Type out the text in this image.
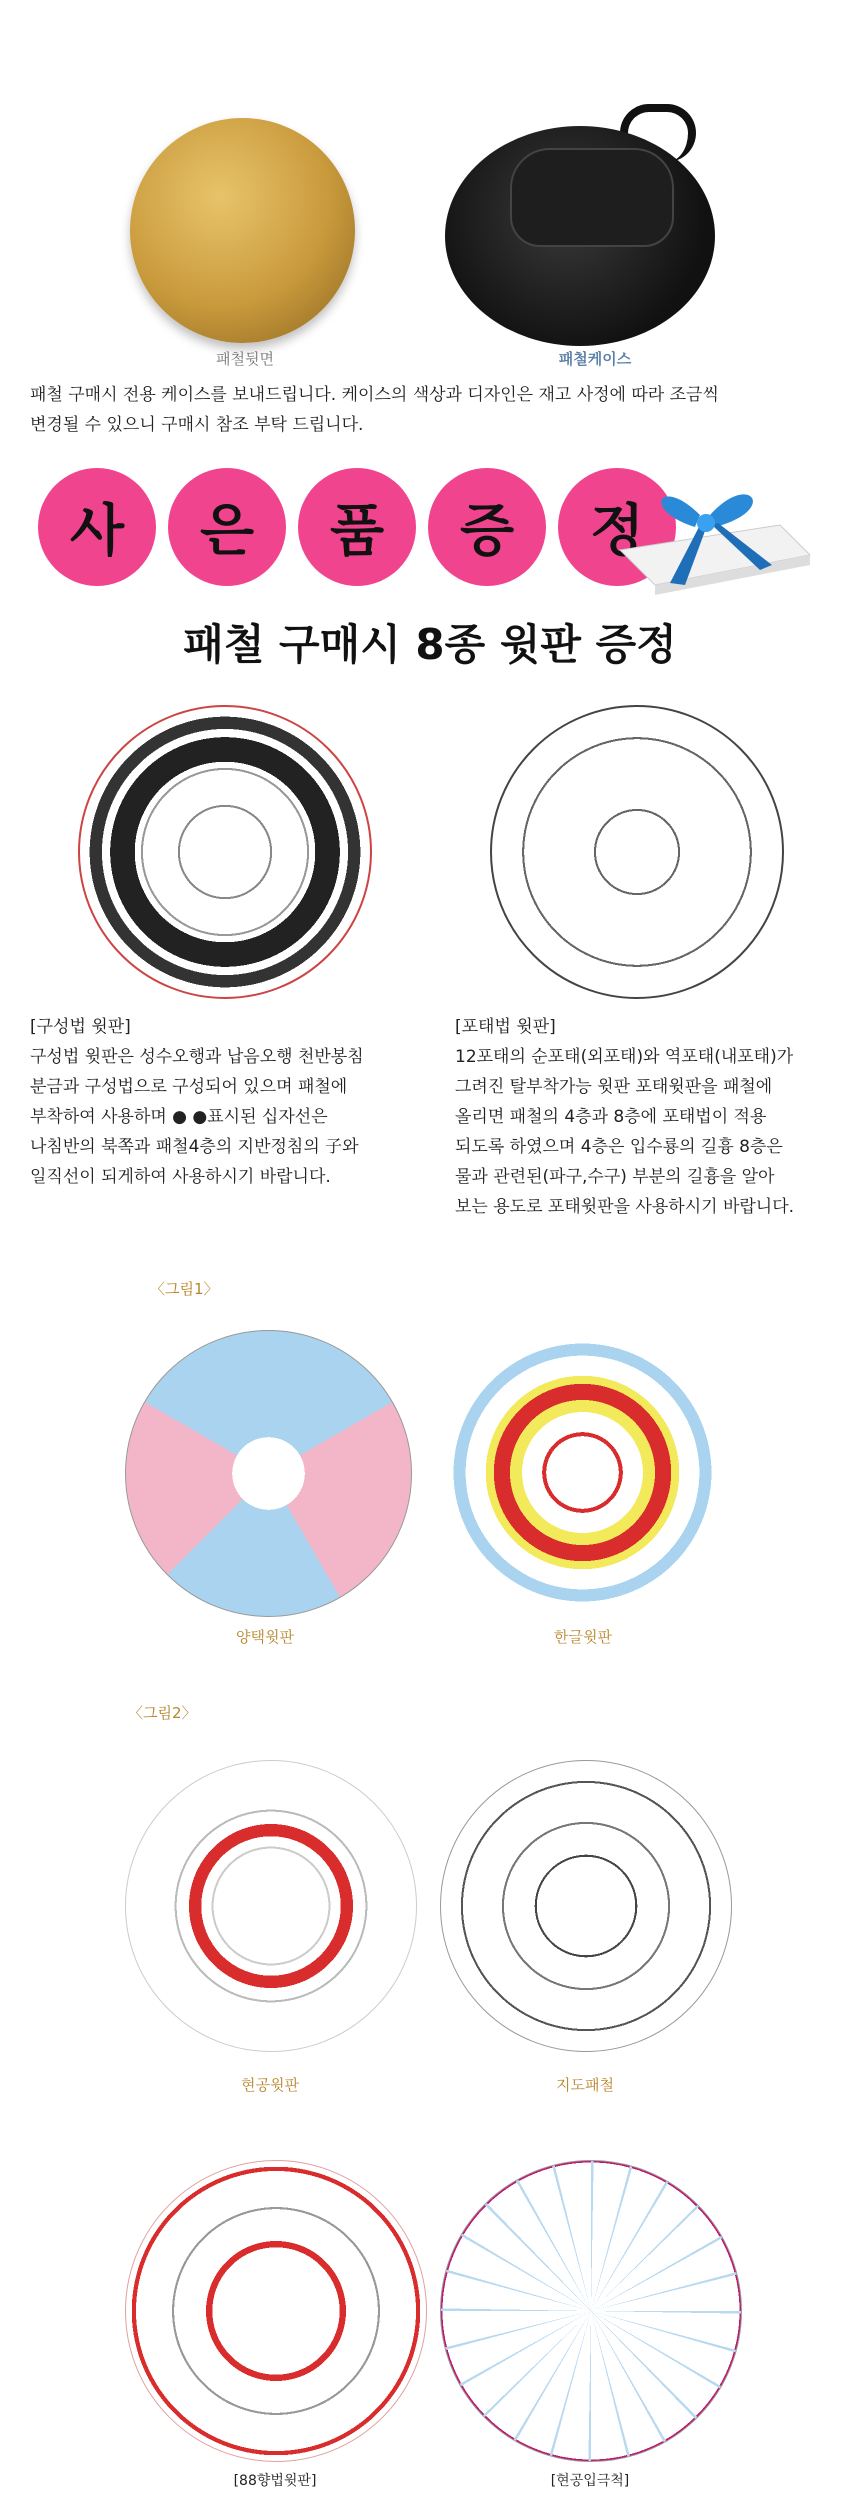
패철뒷면	패철케이스
패철 구매시 전용 케이스를 보내드립니다. 케이스의 색상과 디자인은 재고 사정에 따라 조금씩
변경될 수 있으니 구매시 참조 부탁 드립니다.
사	은	품	증	정
패철 구매시 8종 윗판 증정
[구성법 윗판]
구성법 윗판은 성수오행과 납음오행 천반봉침
분금과 구성법으로 구성되어 있으며 패철에
부착하여 사용하며 ● ●표시된 십자선은
나침반의 북쪽과 패철4층의 지반정침의 子와
일직선이 되게하여 사용하시기 바랍니다.
[포태법 윗판]
12포태의 순포태(외포태)와 역포태(내포태)가
그려진 탈부착가능 윗판 포태윗판을 패철에
올리면 패철의 4층과 8층에 포태법이 적용
되도록 하였으며 4층은 입수룡의 길흉 8층은
물과 관련된(파구,수구) 부분의 길흉을 알아
보는 용도로 포태윗판을 사용하시기 바랍니다.
〈그림1〉
양택윗판	한글윗판
〈그림2〉
현공윗판	지도패철
[88향법윗판]	[현공입극척]
